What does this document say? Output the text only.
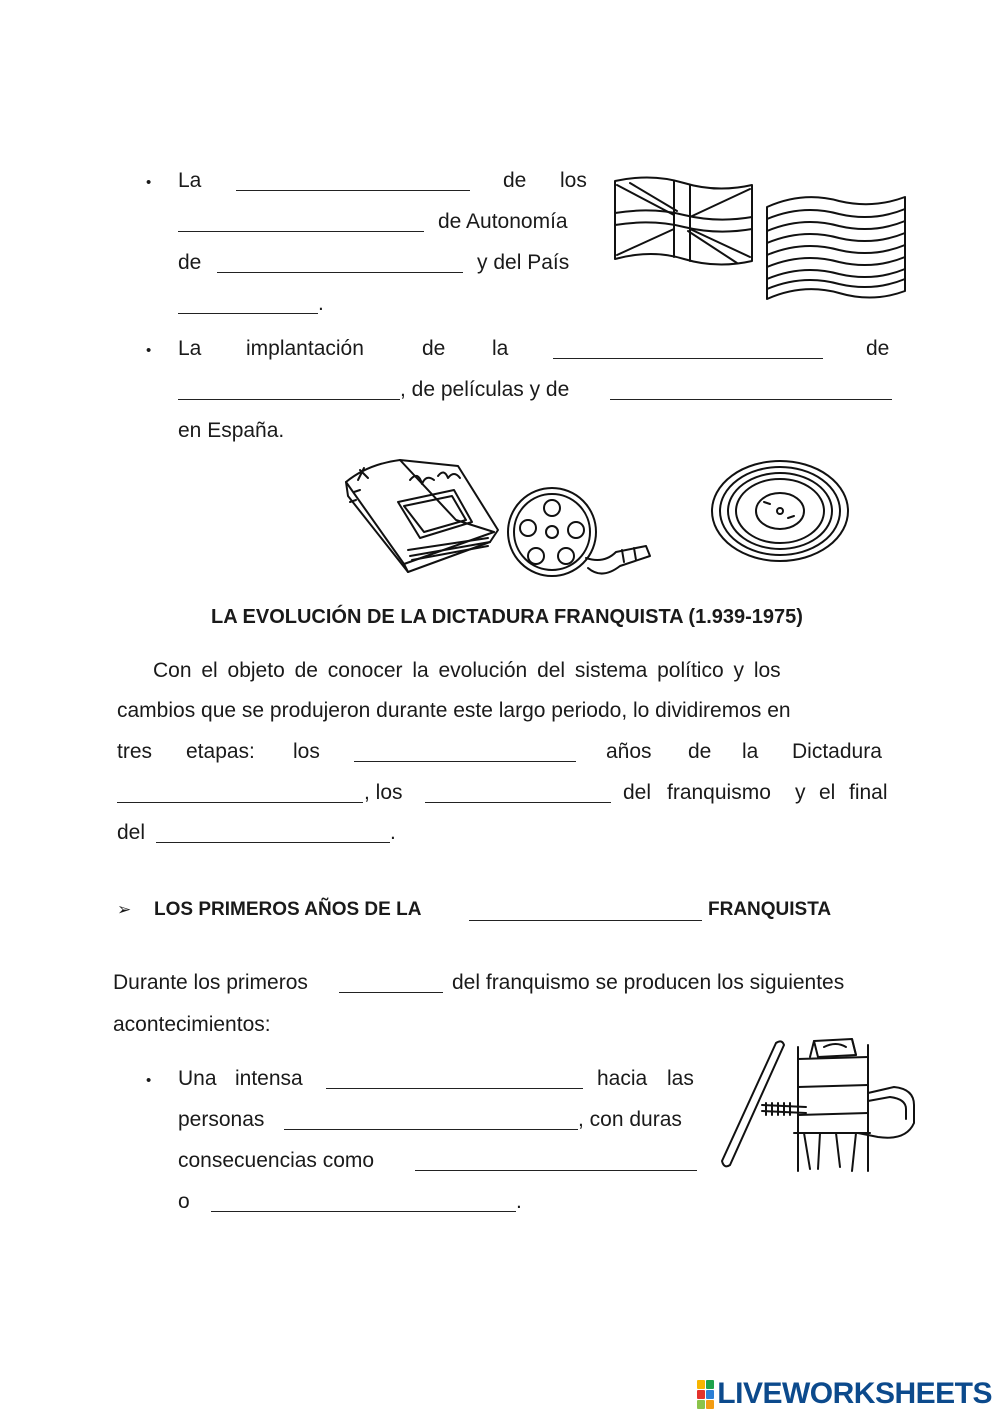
• La	de los
de Autonomía
de	y del País
.
• La implantación	de la	de
, de películas y de
en España.
LA EVOLUCIÓN DE LA DICTADURA FRANQUISTA (1.939-1975)
Con el objeto de conocer la evolución del sistema político y los
cambios que se produjeron durante este largo periodo, lo dividiremos en
tres etapas: los	años de la Dictadura
, los	del franquismo y el final
del	.
➢ LOS PRIMEROS AÑOS DE LA	FRANQUISTA
Durante los primeros	del franquismo se producen los siguientes
acontecimientos:
• Una intensa	hacia las
personas	, con duras
consecuencias como
o	.
LIVEWORKSHEETS
